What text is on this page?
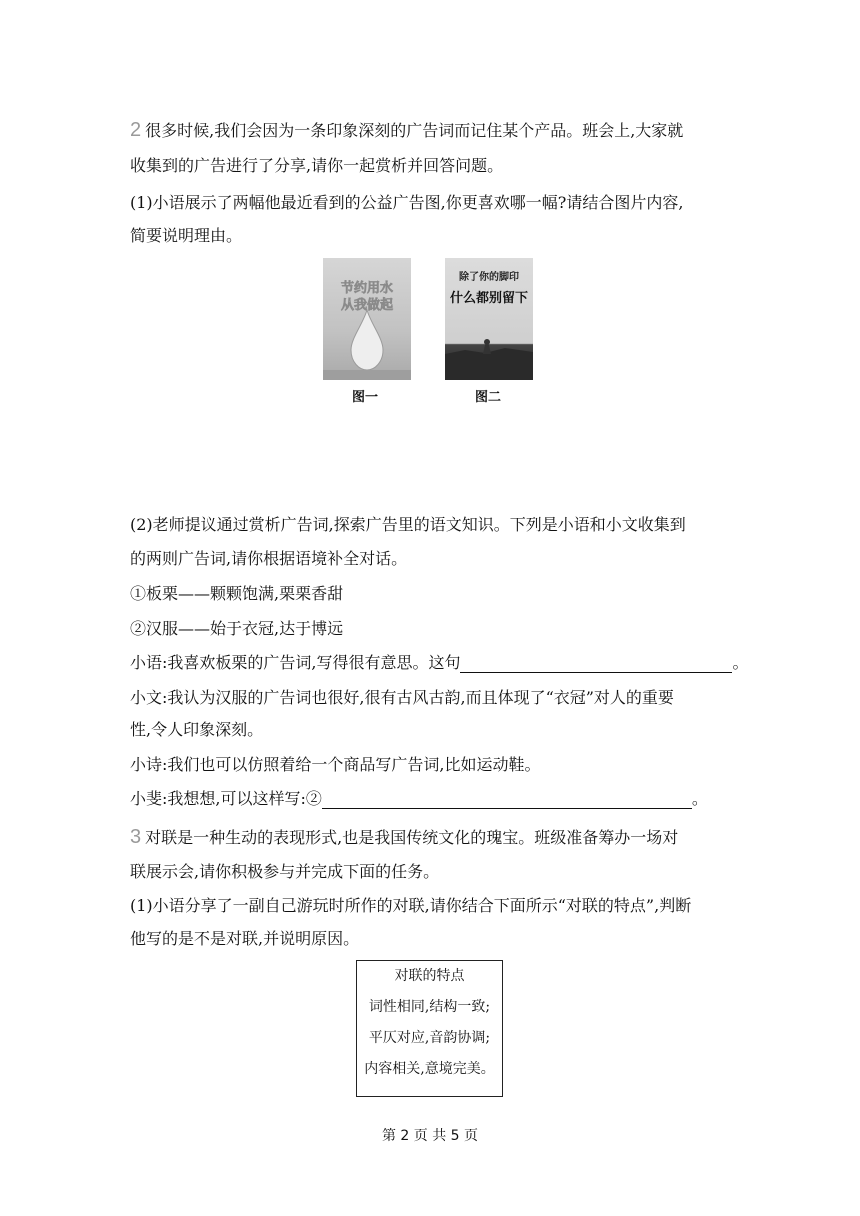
2 很多时候,我们会因为一条印象深刻的广告词而记住某个产品。班会上,大家就
收集到的广告进行了分享,请你一起赏析并回答问题。
(1)小语展示了两幅他最近看到的公益广告图,你更喜欢哪一幅?请结合图片内容,
简要说明理由。
节约用水
从我做起
图一
除了你的脚印
什么都别留下
图二
(2)老师提议通过赏析广告词,探索广告里的语文知识。下列是小语和小文收集到
的两则广告词,请你根据语境补全对话。
①板栗——颗颗饱满,栗栗香甜
②汉服——始于衣冠,达于博远
小语:我喜欢板栗的广告词,写得很有意思。这句	。
小文:我认为汉服的广告词也很好,很有古风古韵,而且体现了“衣冠”对人的重要
性,令人印象深刻。
小诗:我们也可以仿照着给一个商品写广告词,比如运动鞋。
小斐:我想想,可以这样写:②	。
3 对联是一种生动的表现形式,也是我国传统文化的瑰宝。班级准备筹办一场对
联展示会,请你积极参与并完成下面的任务。
(1)小语分享了一副自己游玩时所作的对联,请你结合下面所示“对联的特点”,判断
他写的是不是对联,并说明原因。
对联的特点
词性相同,结构一致;
平仄对应,音韵协调;
内容相关,意境完美。
第 2 页 共 5 页
